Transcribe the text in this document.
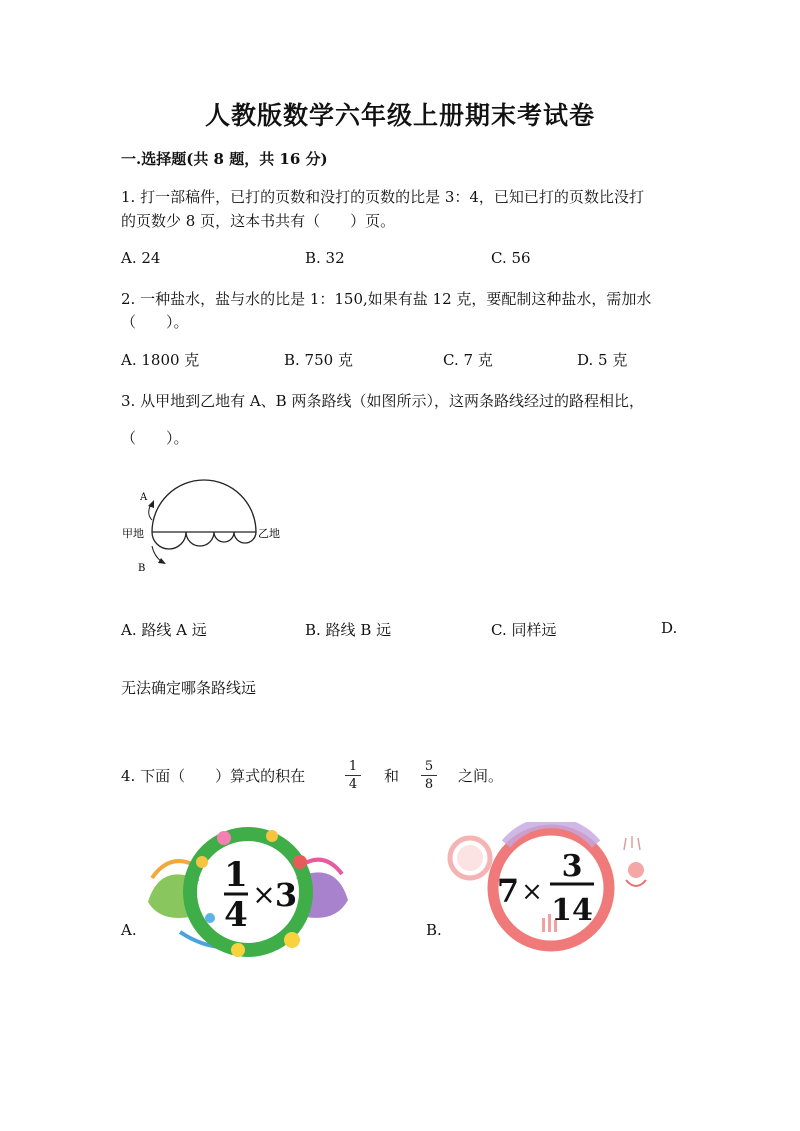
人教版数学六年级上册期末考试卷
一.选择题(共 8 题，共 16 分)
1. 打一部稿件，已打的页数和没打的页数的比是 3：4，已知已打的页数比没打
的页数少 8 页，这本书共有（　　）页。
A. 24	B. 32	C. 56
2. 一种盐水，盐与水的比是 1：150,如果有盐 12 克，要配制这种盐水，需加水
（　　）。
A. 1800 克	B. 750 克	C. 7 克	D. 5 克
3. 从甲地到乙地有 A、B 两条路线（如图所示），这两条路线经过的路程相比，
（　　）。
A
B
甲地	乙地
A. 路线 A 远	B. 路线 B 远	C. 同样远	D.
无法确定哪条路线远
4. 下面（　　）算式的积在	$\frac{1}{4}$ 和 $\frac{5}{8}$ 之间。
A.	B.
1
4
× 3	7 ×
3
14
